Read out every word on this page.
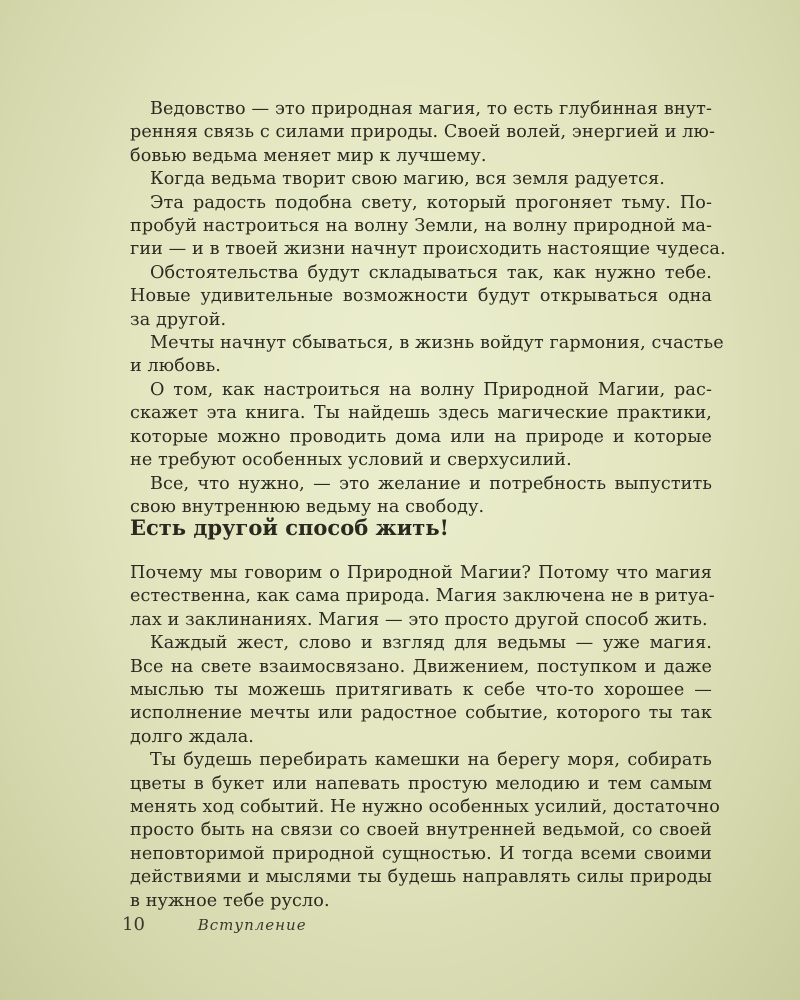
Ведовство — это природная магия, то есть глубинная внут-
ренняя связь с силами природы. Своей волей, энергией и лю-
бовью ведьма меняет мир к лучшему.

Когда ведьма творит свою магию, вся земля радуется.

Эта радость подобна свету, который прогоняет тьму. По-
пробуй настроиться на волну Земли, на волну природной ма-
гии — и в твоей жизни начнут происходить настоящие чудеса.

Обстоятельства будут складываться так, как нужно тебе.
Новые удивительные возможности будут открываться одна
за другой.

Мечты начнут сбываться, в жизнь войдут гармония, счастье
и любовь.

О том, как настроиться на волну Природной Магии, рас-
скажет эта книга. Ты найдешь здесь магические практики,
которые можно проводить дома или на природе и которые
не требуют особенных условий и сверхусилий.

Все, что нужно, — это желание и потребность выпустить
свою внутреннюю ведьму на свободу.

Есть другой способ жить!

Почему мы говорим о Природной Магии? Потому что магия
естественна, как сама природа. Магия заключена не в ритуа-
лах и заклинаниях. Магия — это просто другой способ жить.

Каждый жест, слово и взгляд для ведьмы — уже магия.
Все на свете взаимосвязано. Движением, поступком и даже
мыслью ты можешь притягивать к себе что-то хорошее —
исполнение мечты или радостное событие, которого ты так
долго ждала.

Ты будешь перебирать камешки на берегу моря, собирать
цветы в букет или напевать простую мелодию и тем самым
менять ход событий. Не нужно особенных усилий, достаточно
просто быть на связи со своей внутренней ведьмой, со своей
неповторимой природной сущностью. И тогда всеми своими
действиями и мыслями ты будешь направлять силы природы
в нужное тебе русло.

10	Вступление
